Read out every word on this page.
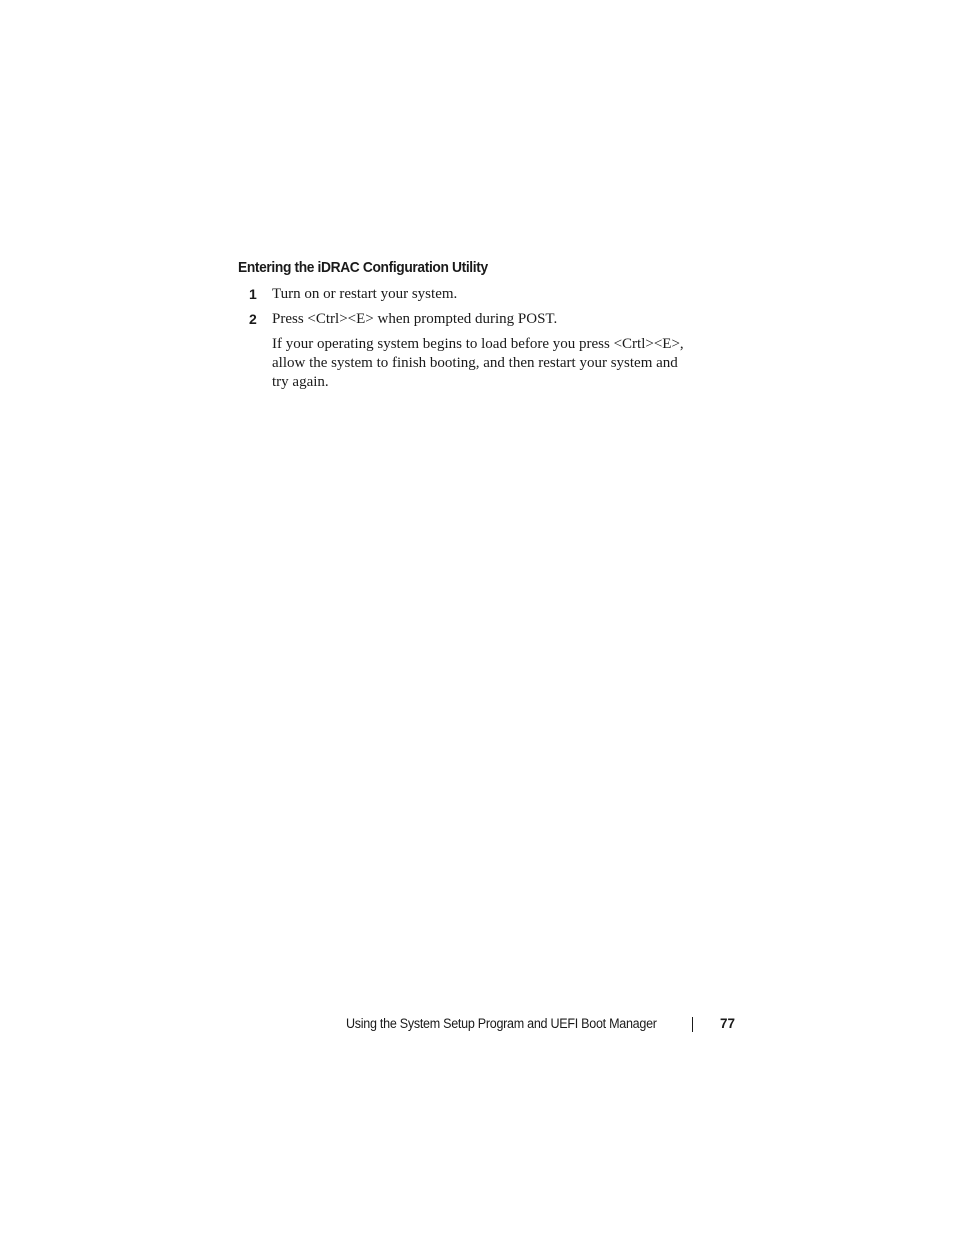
Entering the iDRAC Configuration Utility
1 Turn on or restart your system.
2 Press <Ctrl><E> when prompted during POST.
If your operating system begins to load before you press <Crtl><E>,
allow the system to finish booting, and then restart your system and
try again.
Using the System Setup Program and UEFI Boot Manager	77
